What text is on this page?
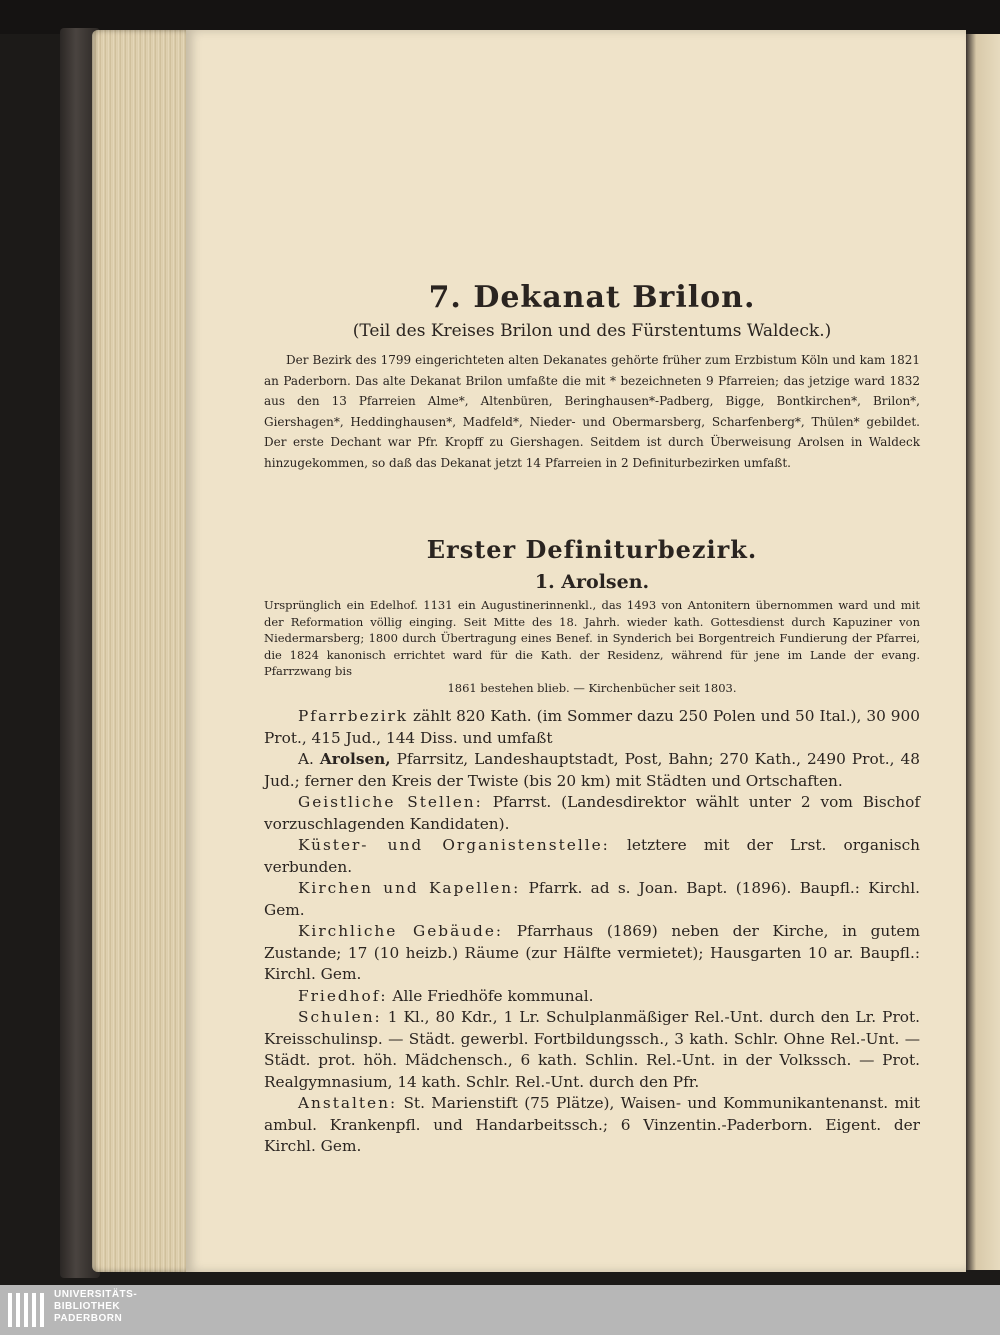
7. Dekanat Brilon.
(Teil des Kreises Brilon und des Fürstentums Waldeck.)

Der Bezirk des 1799 eingerichteten alten Dekanates gehörte früher zum Erzbistum Köln und kam 1821 an Paderborn. Das alte Dekanat Brilon umfaßte die mit * bezeichneten 9 Pfarreien; das jetzige ward 1832 aus den 13 Pfarreien Alme*, Altenbüren, Beringhausen*-Padberg, Bigge, Bontkirchen*, Brilon*, Giershagen*, Heddinghausen*, Madfeld*, Nieder- und Obermarsberg, Scharfenberg*, Thülen* gebildet. Der erste Dechant war Pfr. Kropff zu Giershagen. Seitdem ist durch Überweisung Arolsen in Waldeck hinzugekommen, so daß das Dekanat jetzt 14 Pfarreien in 2 Definiturbezirken umfaßt.

Erster Definiturbezirk.
1. Arolsen.

Ursprünglich ein Edelhof. 1131 ein Augustinerinnenkl., das 1493 von Antonitern übernommen ward und mit der Reformation völlig einging. Seit Mitte des 18. Jahrh. wieder kath. Gottesdienst durch Kapuziner von Niedermarsberg; 1800 durch Übertragung eines Benef. in Synderich bei Borgentreich Fundierung der Pfarrei, die 1824 kanonisch errichtet ward für die Kath. der Residenz, während für jene im Lande der evang. Pfarrzwang bis

1861 bestehen blieb. — Kirchenbücher seit 1803.

Pfarrbezirk zählt 820 Kath. (im Sommer dazu 250 Polen und 50 Ital.), 30 900 Prot., 415 Jud., 144 Diss. und umfaßt

A. Arolsen, Pfarrsitz, Landeshauptstadt, Post, Bahn; 270 Kath., 2490 Prot., 48 Jud.; ferner den Kreis der Twiste (bis 20 km) mit Städten und Ortschaften.

Geistliche Stellen: Pfarrst. (Landesdirektor wählt unter 2 vom Bischof vorzuschlagenden Kandidaten).

Küster- und Organistenstelle: letztere mit der Lrst. organisch verbunden.

Kirchen und Kapellen: Pfarrk. ad s. Joan. Bapt. (1896). Baupfl.: Kirchl. Gem.

Kirchliche Gebäude: Pfarrhaus (1869) neben der Kirche, in gutem Zustande; 17 (10 heizb.) Räume (zur Hälfte vermietet); Hausgarten 10 ar. Baupfl.: Kirchl. Gem.

Friedhof: Alle Friedhöfe kommunal.

Schulen: 1 Kl., 80 Kdr., 1 Lr. Schulplanmäßiger Rel.-Unt. durch den Lr. Prot. Kreisschulinsp. — Städt. gewerbl. Fortbildungssch., 3 kath. Schlr. Ohne Rel.-Unt. — Städt. prot. höh. Mädchensch., 6 kath. Schlin. Rel.-Unt. in der Volkssch. — Prot. Realgymnasium, 14 kath. Schlr. Rel.-Unt. durch den Pfr.

Anstalten: St. Marienstift (75 Plätze), Waisen- und Kommunikantenanst. mit ambul. Krankenpfl. und Handarbeitssch.; 6 Vinzentin.-Paderborn. Eigent. der Kirchl. Gem.

UNIVERSITÄTS-
BIBLIOTHEK
PADERBORN
